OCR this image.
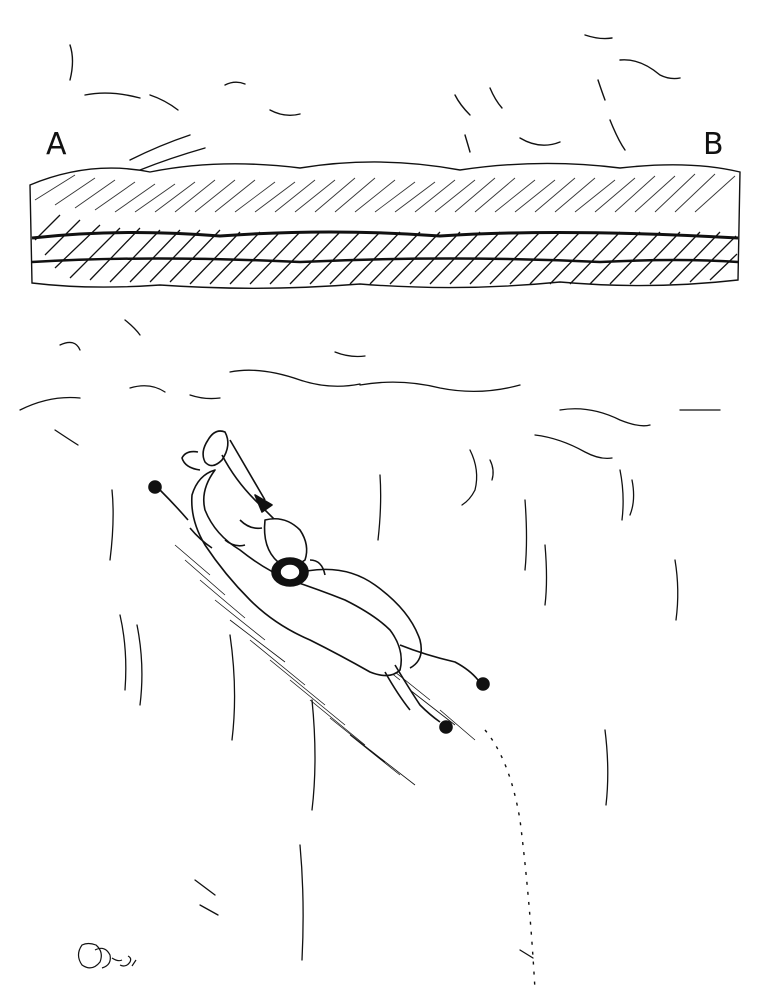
A	B
